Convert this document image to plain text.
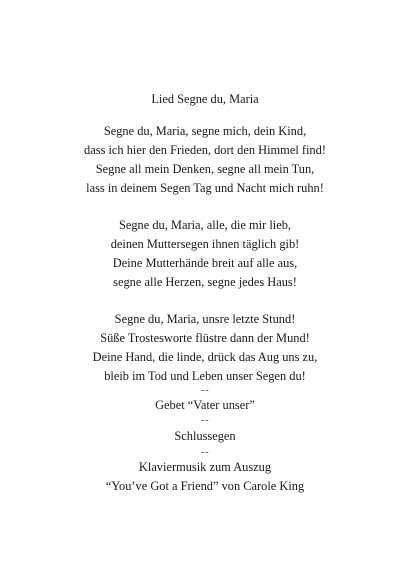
Lied Segne du, Maria
Segne du, Maria, segne mich, dein Kind,
dass ich hier den Frieden, dort den Himmel find!
Segne all mein Denken, segne all mein Tun,
lass in deinem Segen Tag und Nacht mich ruhn!
Segne du, Maria, alle, die mir lieb,
deinen Muttersegen ihnen täglich gib!
Deine Mutterhände breit auf alle aus,
segne alle Herzen, segne jedes Haus!
Segne du, Maria, unsre letzte Stund!
Süße Trostesworte flüstre dann der Mund!
Deine Hand, die linde, drück das Aug uns zu,
bleib im Tod und Leben unser Segen du!
--
Gebet “Vater unser”
--
Schlussegen
--
Klaviermusik zum Auszug
“You’ve Got a Friend” von Carole King
